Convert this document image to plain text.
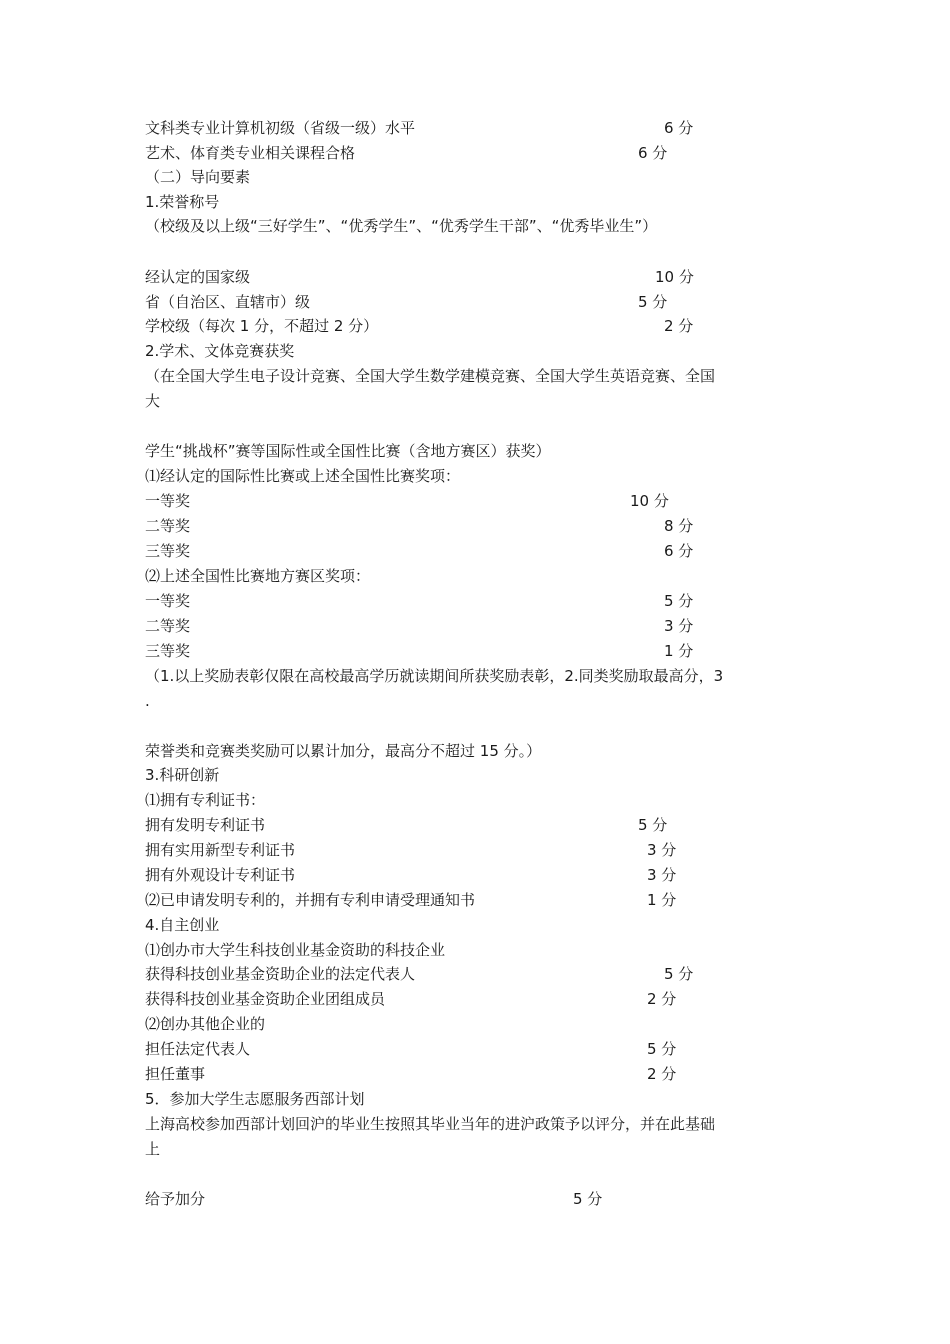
文科类专业计算机初级（省级一级）水平	6 分
艺术、体育类专业相关课程合格	6 分
（二）导向要素
1.荣誉称号
（校级及以上级“三好学生”、“优秀学生”、“优秀学生干部”、“优秀毕业生”）
经认定的国家级	10 分
省（自治区、直辖市）级	5 分
学校级（每次 1 分，不超过 2 分）	2 分
2.学术、文体竞赛获奖
（在全国大学生电子设计竞赛、全国大学生数学建模竞赛、全国大学生英语竞赛、全国
大
学生“挑战杯”赛等国际性或全国性比赛（含地方赛区）获奖）
⑴经认定的国际性比赛或上述全国性比赛奖项：
一等奖	10 分
二等奖	8 分
三等奖	6 分
⑵上述全国性比赛地方赛区奖项：
一等奖	5 分
二等奖	3 分
三等奖	1 分
（1.以上奖励表彰仅限在高校最高学历就读期间所获奖励表彰，2.同类奖励取最高分，3
.
荣誉类和竞赛类奖励可以累计加分，最高分不超过 15 分。）
3.科研创新
⑴拥有专利证书：
拥有发明专利证书	5 分
拥有实用新型专利证书	3 分
拥有外观设计专利证书	3 分
⑵已申请发明专利的，并拥有专利申请受理通知书	1 分
4.自主创业
⑴创办市大学生科技创业基金资助的科技企业
获得科技创业基金资助企业的法定代表人	5 分
获得科技创业基金资助企业团组成员	2 分
⑵创办其他企业的
担任法定代表人	5 分
担任董事	2 分
5．参加大学生志愿服务西部计划
上海高校参加西部计划回沪的毕业生按照其毕业当年的进沪政策予以评分，并在此基础
上
给予加分	5 分
